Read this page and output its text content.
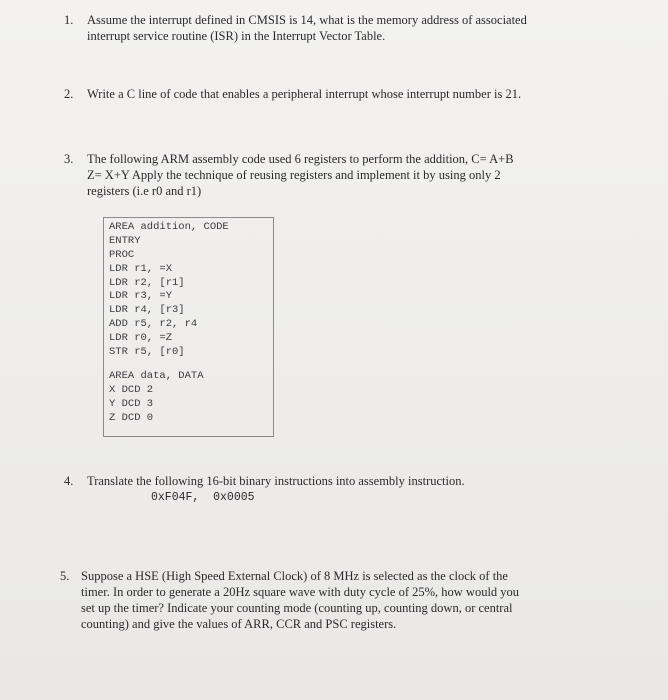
1. Assume the interrupt defined in CMSIS is 14, what is the memory address of associated
interrupt service routine (ISR) in the Interrupt Vector Table.
2. Write a C line of code that enables a peripheral interrupt whose interrupt number is 21.
3. The following ARM assembly code used 6 registers to perform the addition, C= A+B
Z= X+Y Apply the technique of reusing registers and implement it by using only 2
registers (i.e r0 and r1)
AREA addition, CODE
ENTRY
PROC
LDR r1, =X
LDR r2, [r1]
LDR r3, =Y
LDR r4, [r3]
ADD r5, r2, r4
LDR r0, =Z
STR r5, [r0]
AREA data, DATA
X DCD 2
Y DCD 3
Z DCD 0
4. Translate the following 16-bit binary instructions into assembly instruction.
0xF04F,  0x0005
5. Suppose a HSE (High Speed External Clock) of 8 MHz is selected as the clock of the
timer. In order to generate a 20Hz square wave with duty cycle of 25%, how would you
set up the timer? Indicate your counting mode (counting up, counting down, or central
counting) and give the values of ARR, CCR and PSC registers.
